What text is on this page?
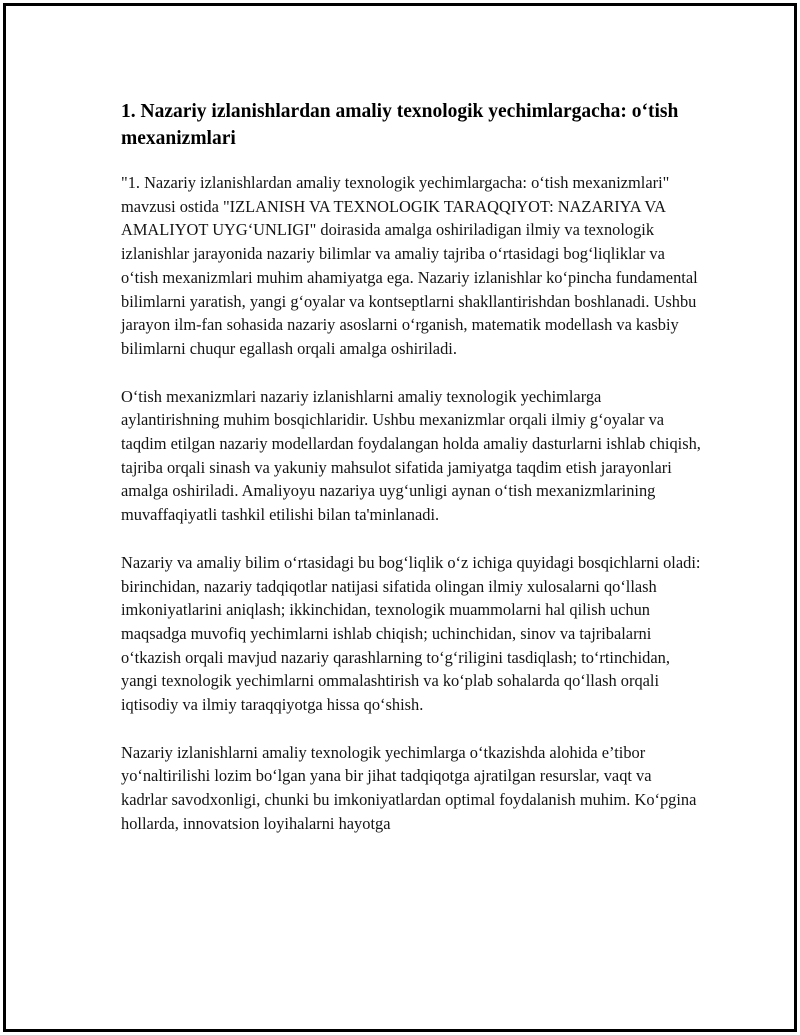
1. Nazariy izlanishlardan amaliy texnologik yechimlargacha: o‘tish mexanizmlari

"1. Nazariy izlanishlardan amaliy texnologik yechimlargacha: o‘tish mexanizmlari" mavzusi ostida "IZLANISH VA TEXNOLOGIK TARAQQIYOT: NAZARIYA VA AMALIYOT UYG‘UNLIGI" doirasida amalga oshiriladigan ilmiy va texnologik izlanishlar jarayonida nazariy bilimlar va amaliy tajriba o‘rtasidagi bog‘liqliklar va o‘tish mexanizmlari muhim ahamiyatga ega. Nazariy izlanishlar ko‘pincha fundamental bilimlarni yaratish, yangi g‘oyalar va kontseptlarni shakllantirishdan boshlanadi. Ushbu jarayon ilm-fan sohasida nazariy asoslarni o‘rganish, matematik modellash va kasbiy bilimlarni chuqur egallash orqali amalga oshiriladi.

O‘tish mexanizmlari nazariy izlanishlarni amaliy texnologik yechimlarga aylantirishning muhim bosqichlaridir. Ushbu mexanizmlar orqali ilmiy g‘oyalar va taqdim etilgan nazariy modellardan foydalangan holda amaliy dasturlarni ishlab chiqish, tajriba orqali sinash va yakuniy mahsulot sifatida jamiyatga taqdim etish jarayonlari amalga oshiriladi. Amaliyoyu nazariya uyg‘unligi aynan o‘tish mexanizmlarining muvaffaqiyatli tashkil etilishi bilan ta'minlanadi.

Nazariy va amaliy bilim o‘rtasidagi bu bog‘liqlik o‘z ichiga quyidagi bosqichlarni oladi: birinchidan, nazariy tadqiqotlar natijasi sifatida olingan ilmiy xulosalarni qo‘llash imkoniyatlarini aniqlash; ikkinchidan, texnologik muammolarni hal qilish uchun maqsadga muvofiq yechimlarni ishlab chiqish; uchinchidan, sinov va tajribalarni o‘tkazish orqali mavjud nazariy qarashlarning to‘g‘riligini tasdiqlash; to‘rtinchidan, yangi texnologik yechimlarni ommalashtirish va ko‘plab sohalarda qo‘llash orqali iqtisodiy va ilmiy taraqqiyotga hissa qo‘shish.

Nazariy izlanishlarni amaliy texnologik yechimlarga o‘tkazishda alohida e’tibor yo‘naltirilishi lozim bo‘lgan yana bir jihat tadqiqotga ajratilgan resurslar, vaqt va kadrlar savodxonligi, chunki bu imkoniyatlardan optimal foydalanish muhim. Ko‘pgina hollarda, innovatsion loyihalarni hayotga
